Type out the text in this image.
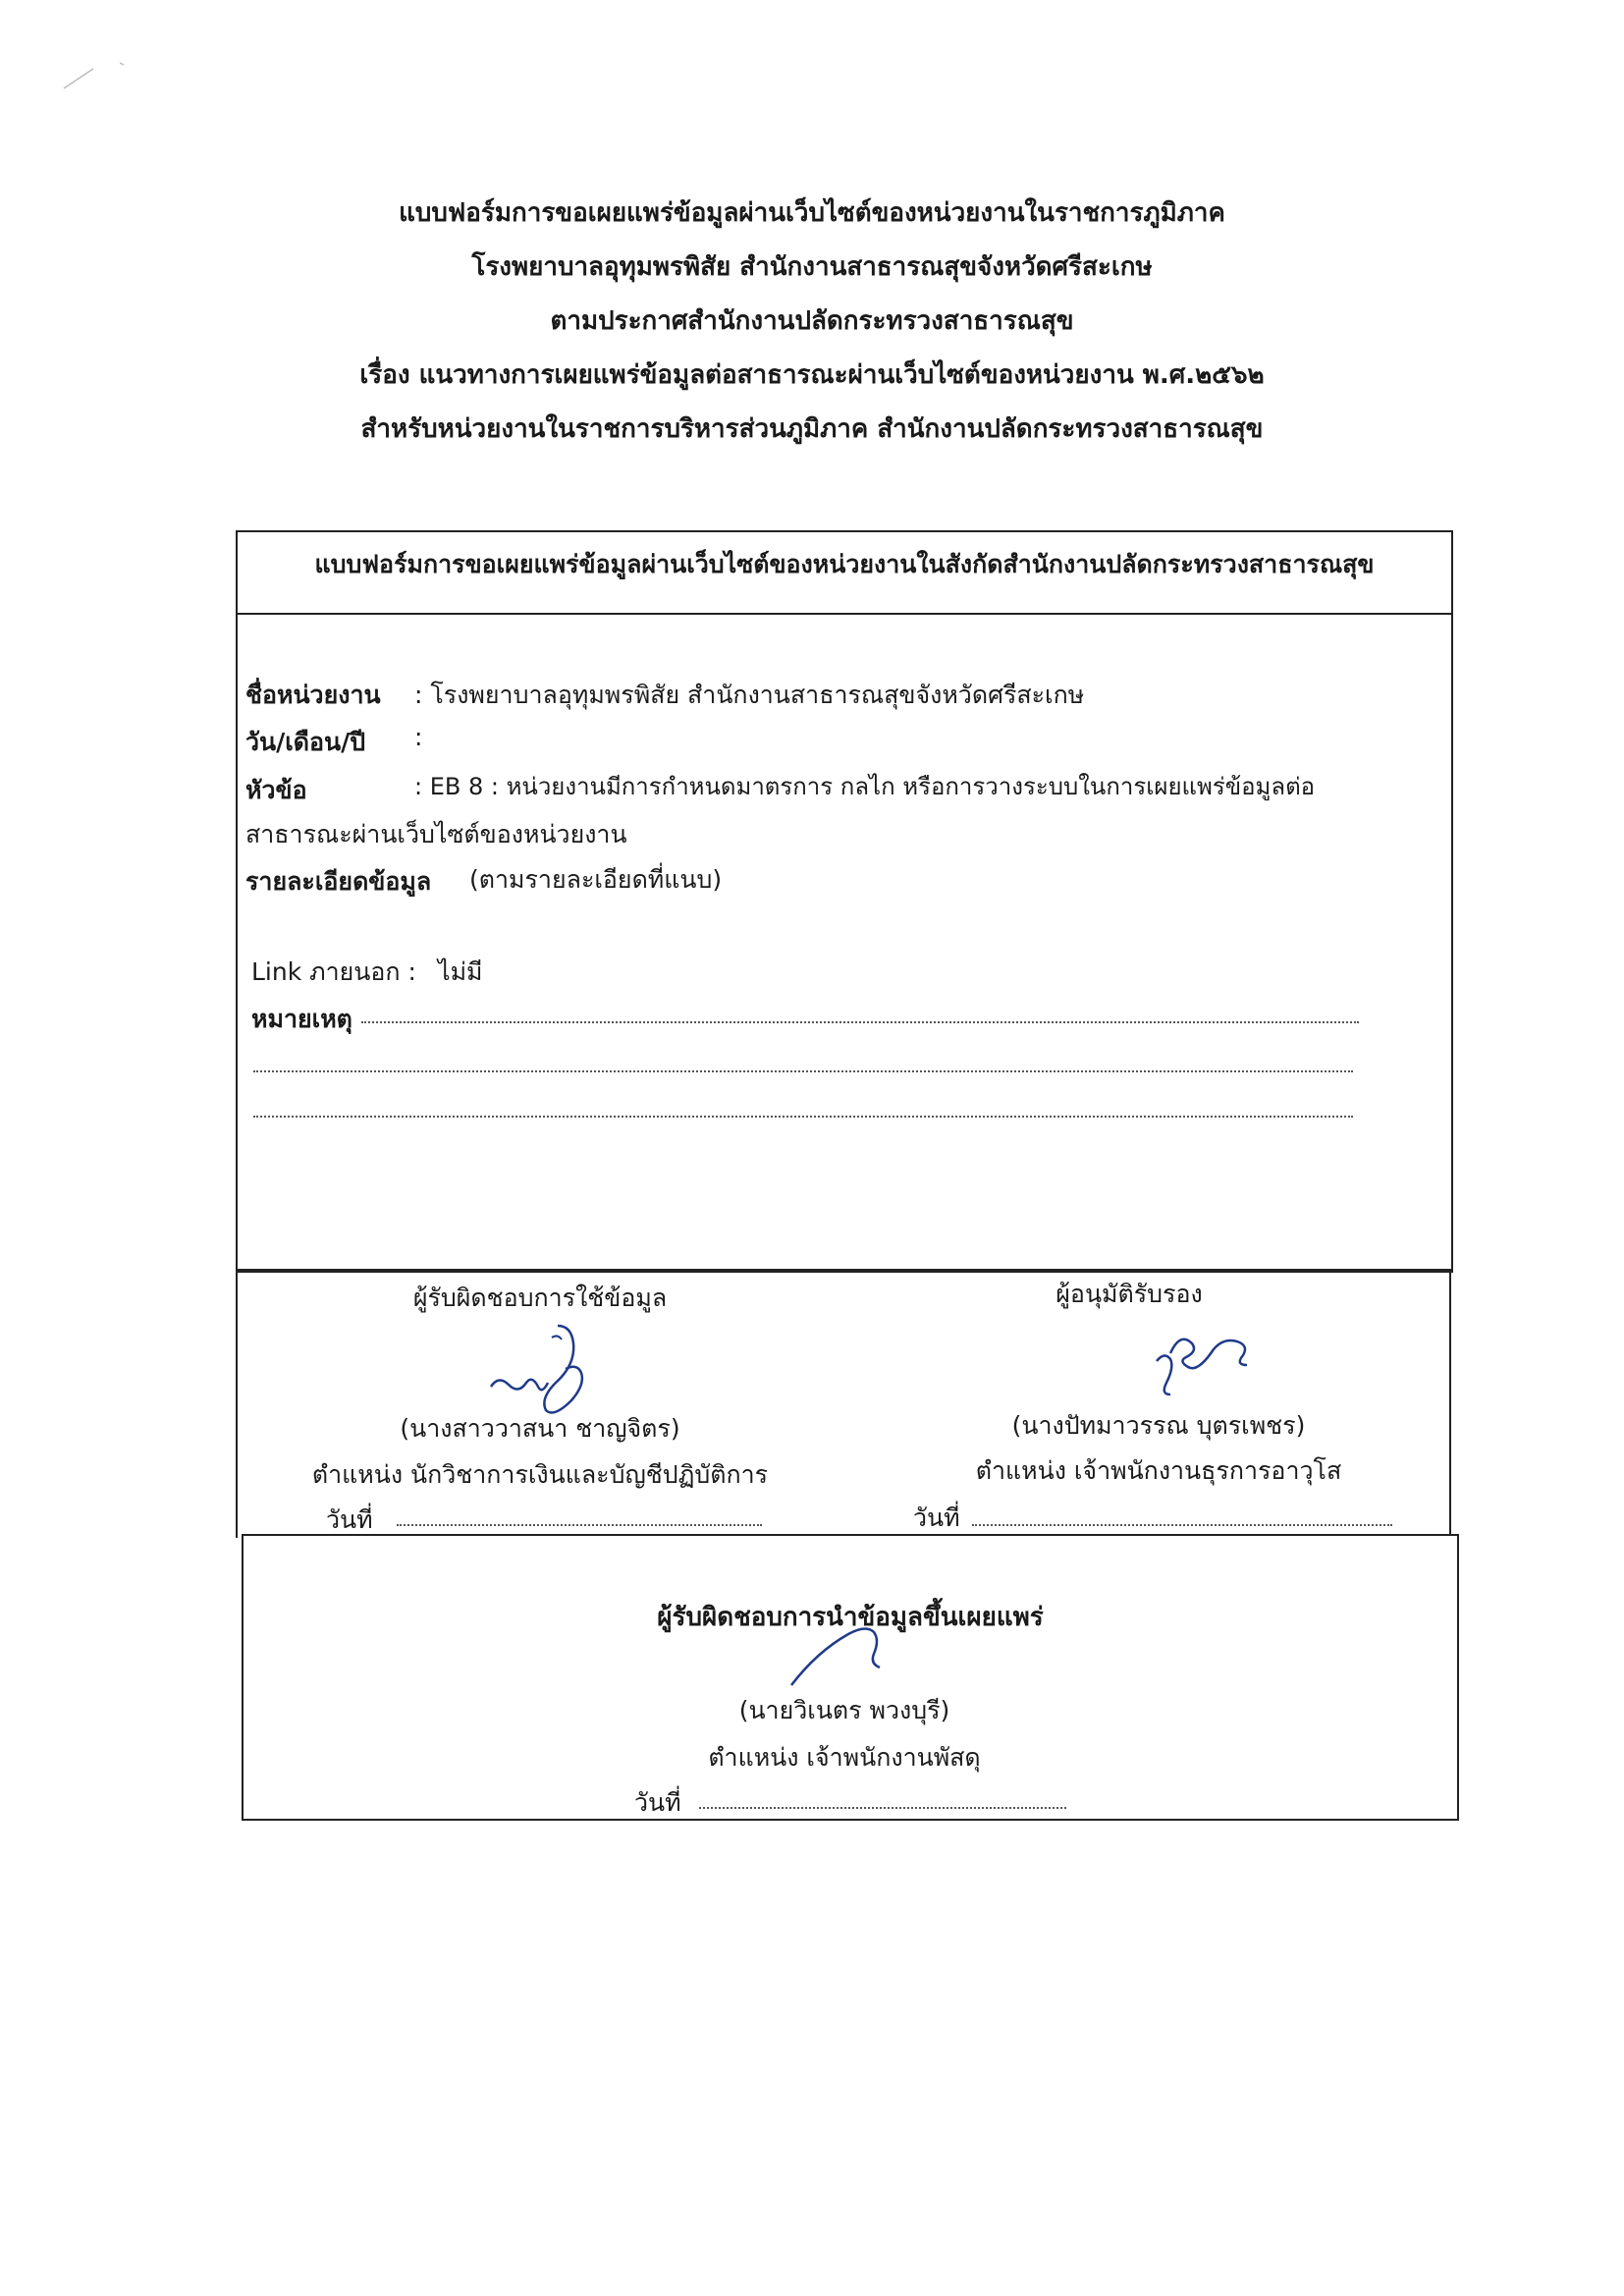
แบบฟอร์มการขอเผยแพร่ข้อมูลผ่านเว็บไซต์ของหน่วยงานในราชการภูมิภาค
โรงพยาบาลอุทุมพรพิสัย สำนักงานสาธารณสุขจังหวัดศรีสะเกษ
ตามประกาศสำนักงานปลัดกระทรวงสาธารณสุข
เรื่อง แนวทางการเผยแพร่ข้อมูลต่อสาธารณะผ่านเว็บไซต์ของหน่วยงาน พ.ศ.๒๕๖๒
สำหรับหน่วยงานในราชการบริหารส่วนภูมิภาค สำนักงานปลัดกระทรวงสาธารณสุข
แบบฟอร์มการขอเผยแพร่ข้อมูลผ่านเว็บไซต์ของหน่วยงานในสังกัดสำนักงานปลัดกระทรวงสาธารณสุข
ชื่อหน่วยงาน : โรงพยาบาลอุทุมพรพิสัย สำนักงานสาธารณสุขจังหวัดศรีสะเกษ
วัน/เดือน/ปี :
หัวข้อ	: EB 8 : หน่วยงานมีการกำหนดมาตรการ กลไก หรือการวางระบบในการเผยแพร่ข้อมูลต่อ
สาธารณะผ่านเว็บไซต์ของหน่วยงาน
รายละเอียดข้อมูล (ตามรายละเอียดที่แนบ)
Link ภายนอก : ไม่มี
หมายเหตุ
ผู้รับผิดชอบการใช้ข้อมูล
(นางสาววาสนา ชาญจิตร)
ตำแหน่ง นักวิชาการเงินและบัญชีปฏิบัติการ
วันที่
ผู้อนุมัติรับรอง
(นางปัทมาวรรณ บุตรเพชร)
ตำแหน่ง เจ้าพนักงานธุรการอาวุโส
วันที่
ผู้รับผิดชอบการนำข้อมูลขึ้นเผยแพร่
(นายวิเนตร พวงบุรี)
ตำแหน่ง เจ้าพนักงานพัสดุ
วันที่
